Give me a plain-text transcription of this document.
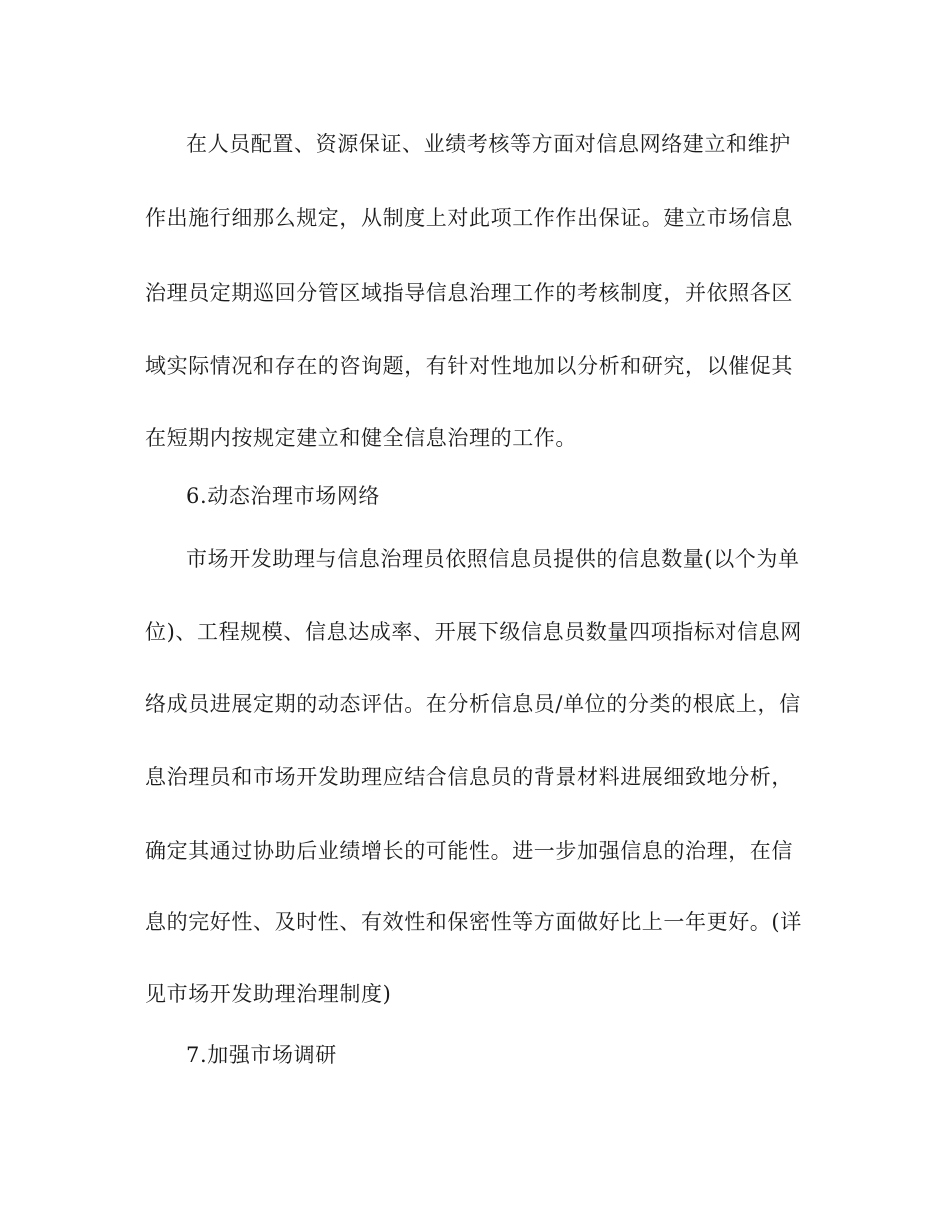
在人员配置、资源保证、业绩考核等方面对信息网络建立和维护
作出施行细那么规定，从制度上对此项工作作出保证。建立市场信息
治理员定期巡回分管区域指导信息治理工作的考核制度，并依照各区
域实际情况和存在的咨询题，有针对性地加以分析和研究，以催促其
在短期内按规定建立和健全信息治理的工作。
6.动态治理市场网络
市场开发助理与信息治理员依照信息员提供的信息数量(以个为单
位)、工程规模、信息达成率、开展下级信息员数量四项指标对信息网
络成员进展定期的动态评估。在分析信息员/单位的分类的根底上，信
息治理员和市场开发助理应结合信息员的背景材料进展细致地分析，
确定其通过协助后业绩增长的可能性。进一步加强信息的治理，在信
息的完好性、及时性、有效性和保密性等方面做好比上一年更好。(详
见市场开发助理治理制度)
7.加强市场调研
